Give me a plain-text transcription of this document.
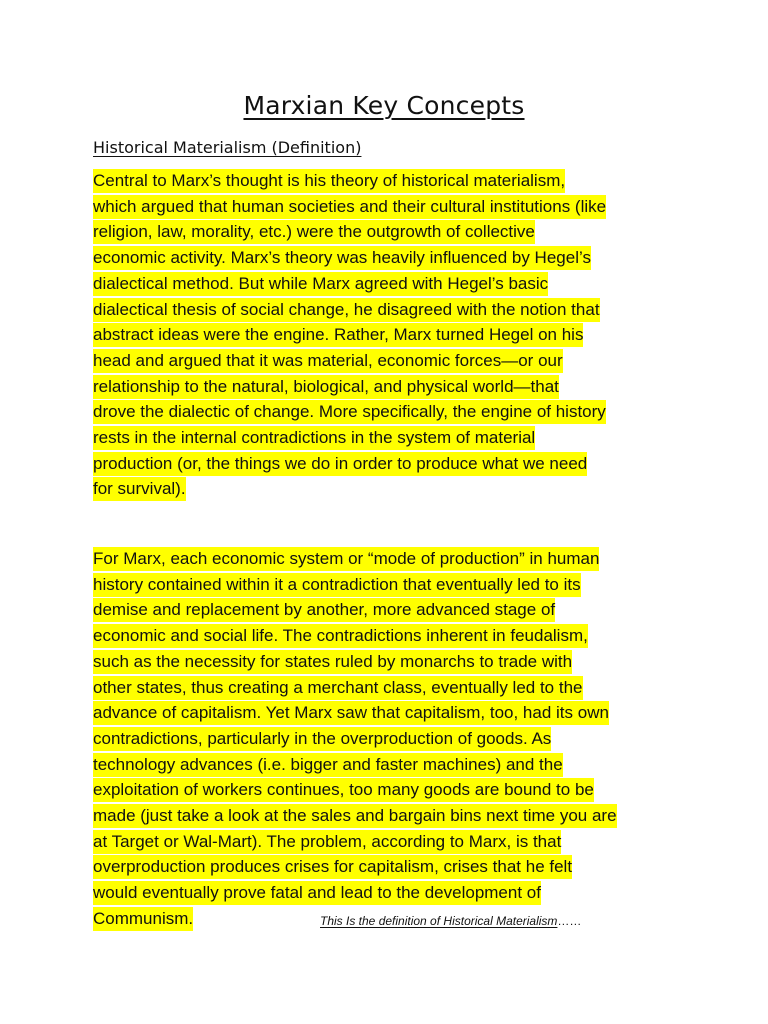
Marxian Key Concepts
Historical Materialism (Definition)

Central to Marx’s thought is his theory of historical materialism,
which argued that human societies and their cultural institutions (like
religion, law, morality, etc.) were the outgrowth of collective
economic activity. Marx’s theory was heavily influenced by Hegel’s
dialectical method. But while Marx agreed with Hegel’s basic
dialectical thesis of social change, he disagreed with the notion that
abstract ideas were the engine. Rather, Marx turned Hegel on his
head and argued that it was material, economic forces—or our
relationship to the natural, biological, and physical world—that
drove the dialectic of change. More specifically, the engine of history
rests in the internal contradictions in the system of material
production (or, the things we do in order to produce what we need
for survival).

For Marx, each economic system or “mode of production” in human
history contained within it a contradiction that eventually led to its
demise and replacement by another, more advanced stage of
economic and social life. The contradictions inherent in feudalism,
such as the necessity for states ruled by monarchs to trade with
other states, thus creating a merchant class, eventually led to the
advance of capitalism. Yet Marx saw that capitalism, too, had its own
contradictions, particularly in the overproduction of goods. As
technology advances (i.e. bigger and faster machines) and the
exploitation of workers continues, too many goods are bound to be
made (just take a look at the sales and bargain bins next time you are
at Target or Wal-Mart). The problem, according to Marx, is that
overproduction produces crises for capitalism, crises that he felt
would eventually prove fatal and lead to the development of
Communism.	This Is the definition of Historical Materialism……
